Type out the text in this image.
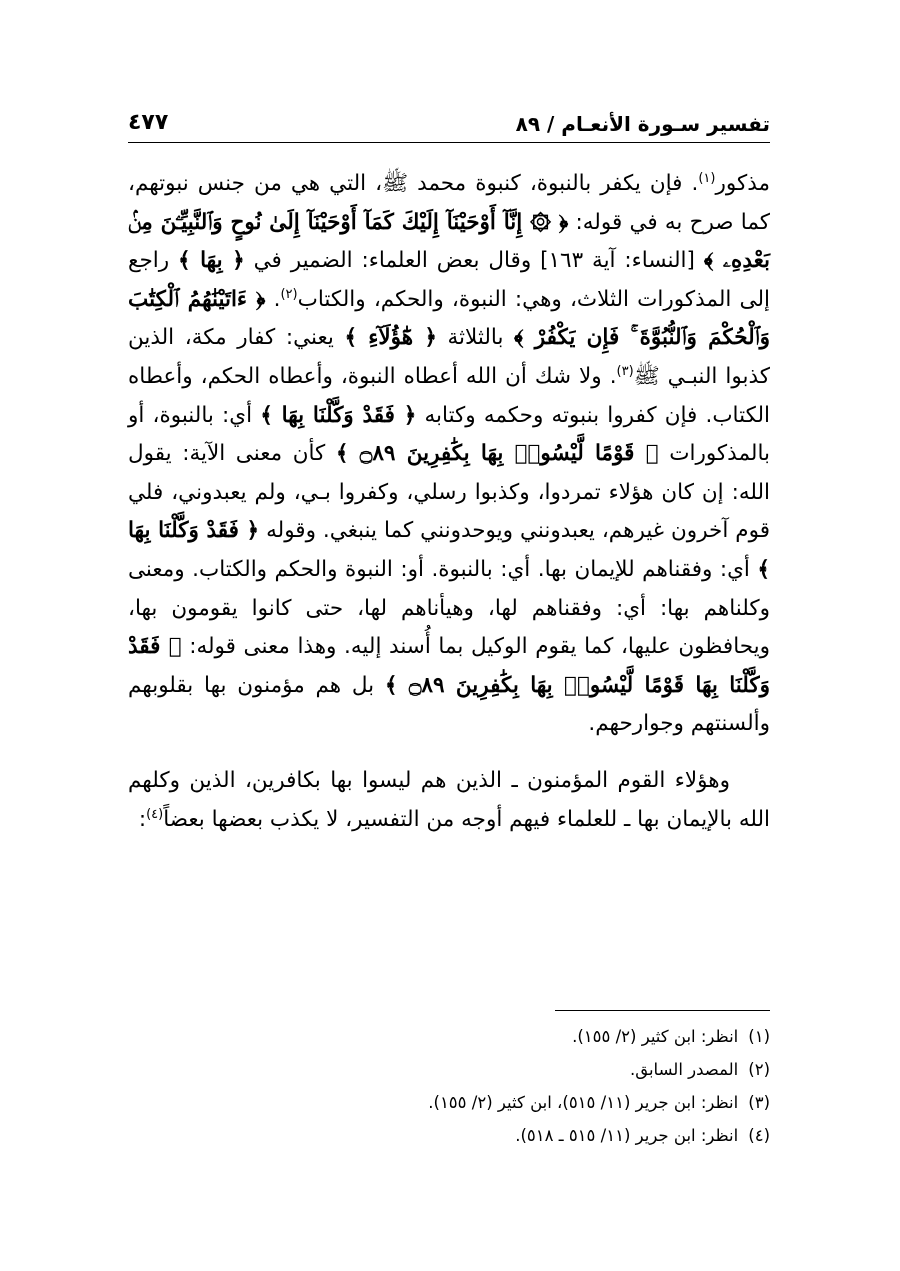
تفسير سـورة الأنعـام / ٨٩
٤٧٧

مذكور$^{(١)}$. فإن يكفر بالنبوة، كنبوة محمد ﷺ، التي هي من جنس نبوتهم، كما صرح به في قوله: ﴿ ۞ إِنَّآ أَوْحَيْنَآ إِلَيْكَ كَمَآ أَوْحَيْنَآ إِلَىٰ نُوحٍ وَٱلنَّبِيِّـۧنَ مِنۢ بَعْدِهِۦ ﴾ [النساء: آية ١٦٣] وقال بعض العلماء: الضمير في ﴿ بِهَا ﴾ راجع إلى المذكورات الثلاث، وهي: النبوة، والحكم، والكتاب$^{(٢)}$. ﴿ ءَاتَيْنَٰهُمُ ٱلْكِتَٰبَ وَٱلْحُكْمَ وَٱلنُّبُوَّةَ ۚ فَإِن يَكْفُرْ ﴾ بالثلاثة ﴿ هَٰٓؤُلَآءِ ﴾ يعني: كفار مكة، الذين كذبوا النبـي ﷺ$^{(٣)}$. ولا شك أن الله أعطاه النبوة، وأعطاه الحكم، وأعطاه الكتاب. فإن كفروا بنبوته وحكمه وكتابه ﴿ فَقَدْ وَكَّلْنَا بِهَا ﴾ أي: بالنبوة، أو بالمذكورات ﴿ قَوْمًا لَّيْسُوا۟ بِهَا بِكَٰفِرِينَ ۝٨٩ ﴾ كأن معنى الآية: يقول الله: إن كان هؤلاء تمردوا، وكذبوا رسلي، وكفروا بـي، ولم يعبدوني، فلي قوم آخرون غيرهم، يعبدونني ويوحدونني كما ينبغي. وقوله ﴿ فَقَدْ وَكَّلْنَا بِهَا ﴾ أي: وفقناهم للإيمان بها. أي: بالنبوة. أو: النبوة والحكم والكتاب. ومعنى وكلناهم بها: أي: وفقناهم لها، وهيأناهم لها، حتى كانوا يقومون بها، ويحافظون عليها، كما يقوم الوكيل بما أُسند إليه. وهذا معنى قوله: ﴿ فَقَدْ وَكَّلْنَا بِهَا قَوْمًا لَّيْسُوا۟ بِهَا بِكَٰفِرِينَ ۝٨٩ ﴾ بل هم مؤمنون بها بقلوبهم وألسنتهم وجوارحهم.

وهؤلاء القوم المؤمنون ـ الذين هم ليسوا بها بكافرين، الذين وكلهم الله بالإيمان بها ـ للعلماء فيهم أوجه من التفسير، لا يكذب بعضها بعضاً$^{(٤)}$:

(١)انظر: ابن كثير (٢/ ١٥٥).
(٢)المصدر السابق.
(٣)انظر: ابن جرير (١١/ ٥١٥)، ابن كثير (٢/ ١٥٥).
(٤)انظر: ابن جرير (١١/ ٥١٥ ـ ٥١٨).
